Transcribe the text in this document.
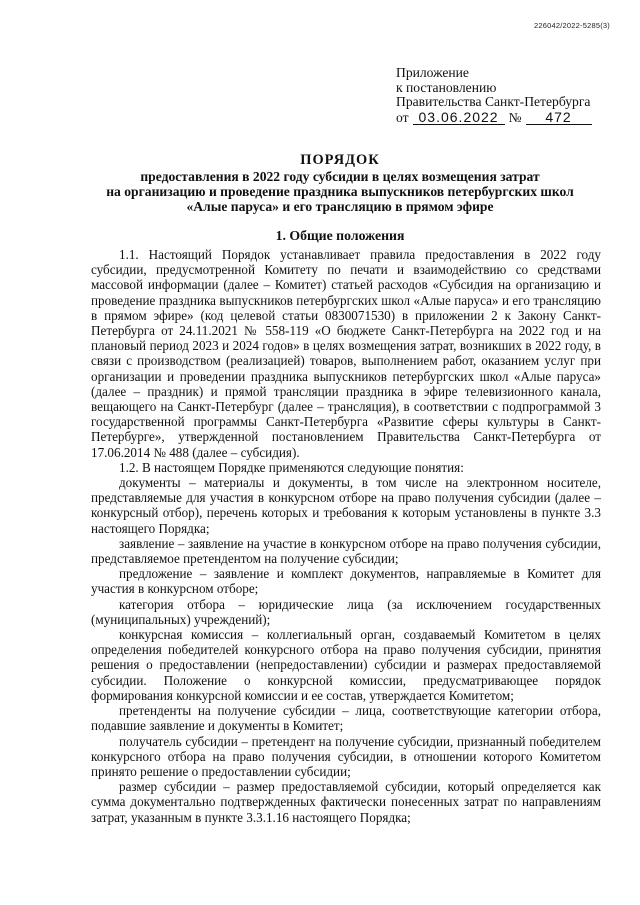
226042/2022-5285(3)
Приложение
к постановлению
Правительства Санкт-Петербурга
от 03.06.2022 №	472
ПОРЯДОК
предоставления в 2022 году субсидии в целях возмещения затрат
на организацию и проведение праздника выпускников петербургских школ
«Алые паруса» и его трансляцию в прямом эфире
1. Общие положения

1.1. Настоящий Порядок устанавливает правила предоставления в 2022 году субсидии, предусмотренной Комитету по печати и взаимодействию со средствами массовой информации (далее – Комитет) статьей расходов «Субсидия на организацию и проведение праздника выпускников петербургских школ «Алые паруса» и его трансляцию в прямом эфире» (код целевой статьи 0830071530) в приложении 2 к Закону Санкт-Петербурга от 24.11.2021 № 558-119 «О бюджете Санкт-Петербурга на 2022 год и на плановый период 2023 и 2024 годов» в целях возмещения затрат, возникших в 2022 году, в связи с производством (реализацией) товаров, выполнением работ, оказанием услуг при организации и проведении праздника выпускников петербургских школ «Алые паруса» (далее – праздник) и прямой трансляции праздника в эфире телевизионного канала, вещающего на Санкт-Петербург (далее – трансляция), в соответствии с подпрограммой 3 государственной программы Санкт-Петербурга «Развитие сферы культуры в Санкт-Петербурге», утвержденной постановлением Правительства Санкт-Петербурга от 17.06.2014 № 488 (далее – субсидия).

1.2. В настоящем Порядке применяются следующие понятия:

документы – материалы и документы, в том числе на электронном носителе, представляемые для участия в конкурсном отборе на право получения субсидии (далее – конкурсный отбор), перечень которых и требования к которым установлены в пункте 3.3 настоящего Порядка;

заявление – заявление на участие в конкурсном отборе на право получения субсидии, представляемое претендентом на получение субсидии;

предложение – заявление и комплект документов, направляемые в Комитет для участия в конкурсном отборе;

категория отбора – юридические лица (за исключением государственных (муниципальных) учреждений);

конкурсная комиссия – коллегиальный орган, создаваемый Комитетом в целях определения победителей конкурсного отбора на право получения субсидии, принятия решения о предоставлении (непредоставлении) субсидии и размерах предоставляемой субсидии. Положение о конкурсной комиссии, предусматривающее порядок формирования конкурсной комиссии и ее состав, утверждается Комитетом;

претенденты на получение субсидии – лица, соответствующие категории отбора, подавшие заявление и документы в Комитет;

получатель субсидии – претендент на получение субсидии, признанный победителем конкурсного отбора на право получения субсидии, в отношении которого Комитетом принято решение о предоставлении субсидии;

размер субсидии – размер предоставляемой субсидии, который определяется как сумма документально подтвержденных фактически понесенных затрат по направлениям затрат, указанным в пункте 3.3.1.16 настоящего Порядка;
